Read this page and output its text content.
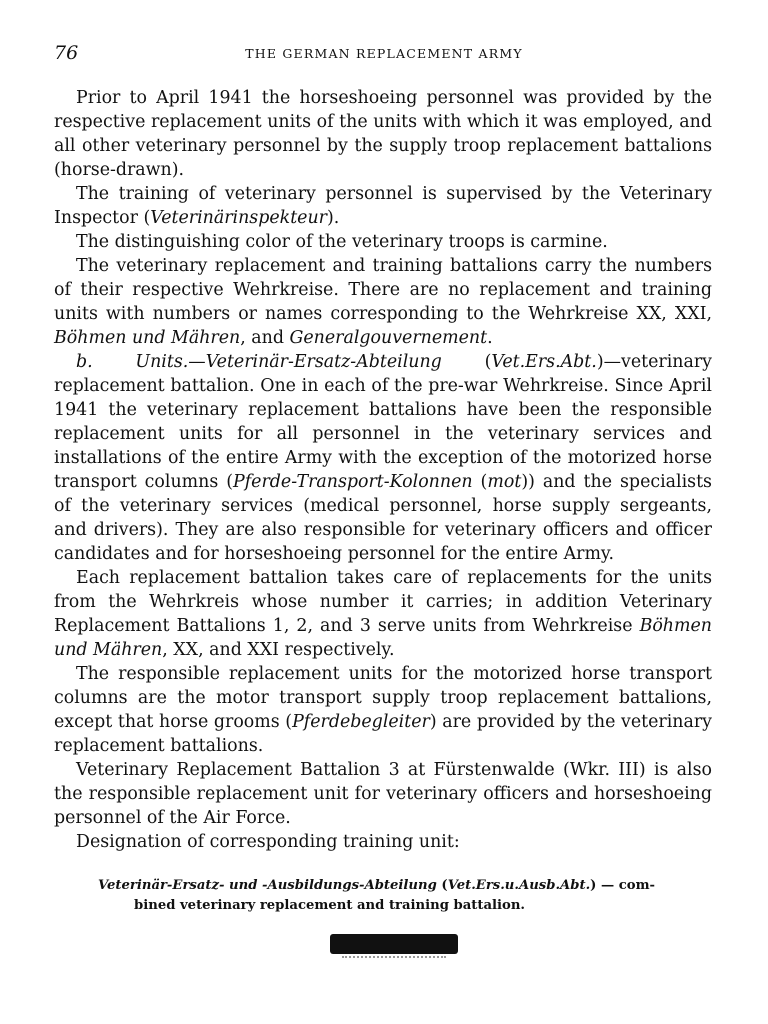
76	THE GERMAN REPLACEMENT ARMY

Prior to April 1941 the horseshoeing personnel was provided by the respective replacement units of the units with which it was employed, and all other veterinary personnel by the supply troop replacement battalions (horse-drawn).

The training of veterinary personnel is supervised by the Veterinary Inspector (Veterinärinspekteur).

The distinguishing color of the veterinary troops is carmine.

The veterinary replacement and training battalions carry the numbers of their respective Wehrkreise. There are no replacement and training units with numbers or names corresponding to the Wehrkreise XX, XXI, Böhmen und Mähren, and Generalgouvernement.

b. Units.—Veterinär-Ersatz-Abteilung (Vet.Ers.Abt.)—veterinary replacement battalion. One in each of the pre-war Wehrkreise. Since April 1941 the veterinary replacement battalions have been the responsible replacement units for all personnel in the veterinary services and installations of the entire Army with the exception of the motorized horse transport columns (Pferde-Transport-Kolonnen (mot)) and the specialists of the veterinary services (medical personnel, horse supply sergeants, and drivers). They are also responsible for veterinary officers and officer candidates and for horseshoeing personnel for the entire Army.

Each replacement battalion takes care of replacements for the units from the Wehrkreis whose number it carries; in addition Veterinary Replacement Battalions 1, 2, and 3 serve units from Wehrkreise Böhmen und Mähren, XX, and XXI respectively.

The responsible replacement units for the motorized horse transport columns are the motor transport supply troop replacement battalions, except that horse grooms (Pferdebegleiter) are provided by the veterinary replacement battalions.

Veterinary Replacement Battalion 3 at Fürstenwalde (Wkr. III) is also the responsible replacement unit for veterinary officers and horseshoeing personnel of the Air Force.

Designation of corresponding training unit:

Veterinär-Ersatz- und -Ausbildungs-Abteilung (Vet.Ers.u.Ausb.Abt.) — com-
bined veterinary replacement and training battalion.
